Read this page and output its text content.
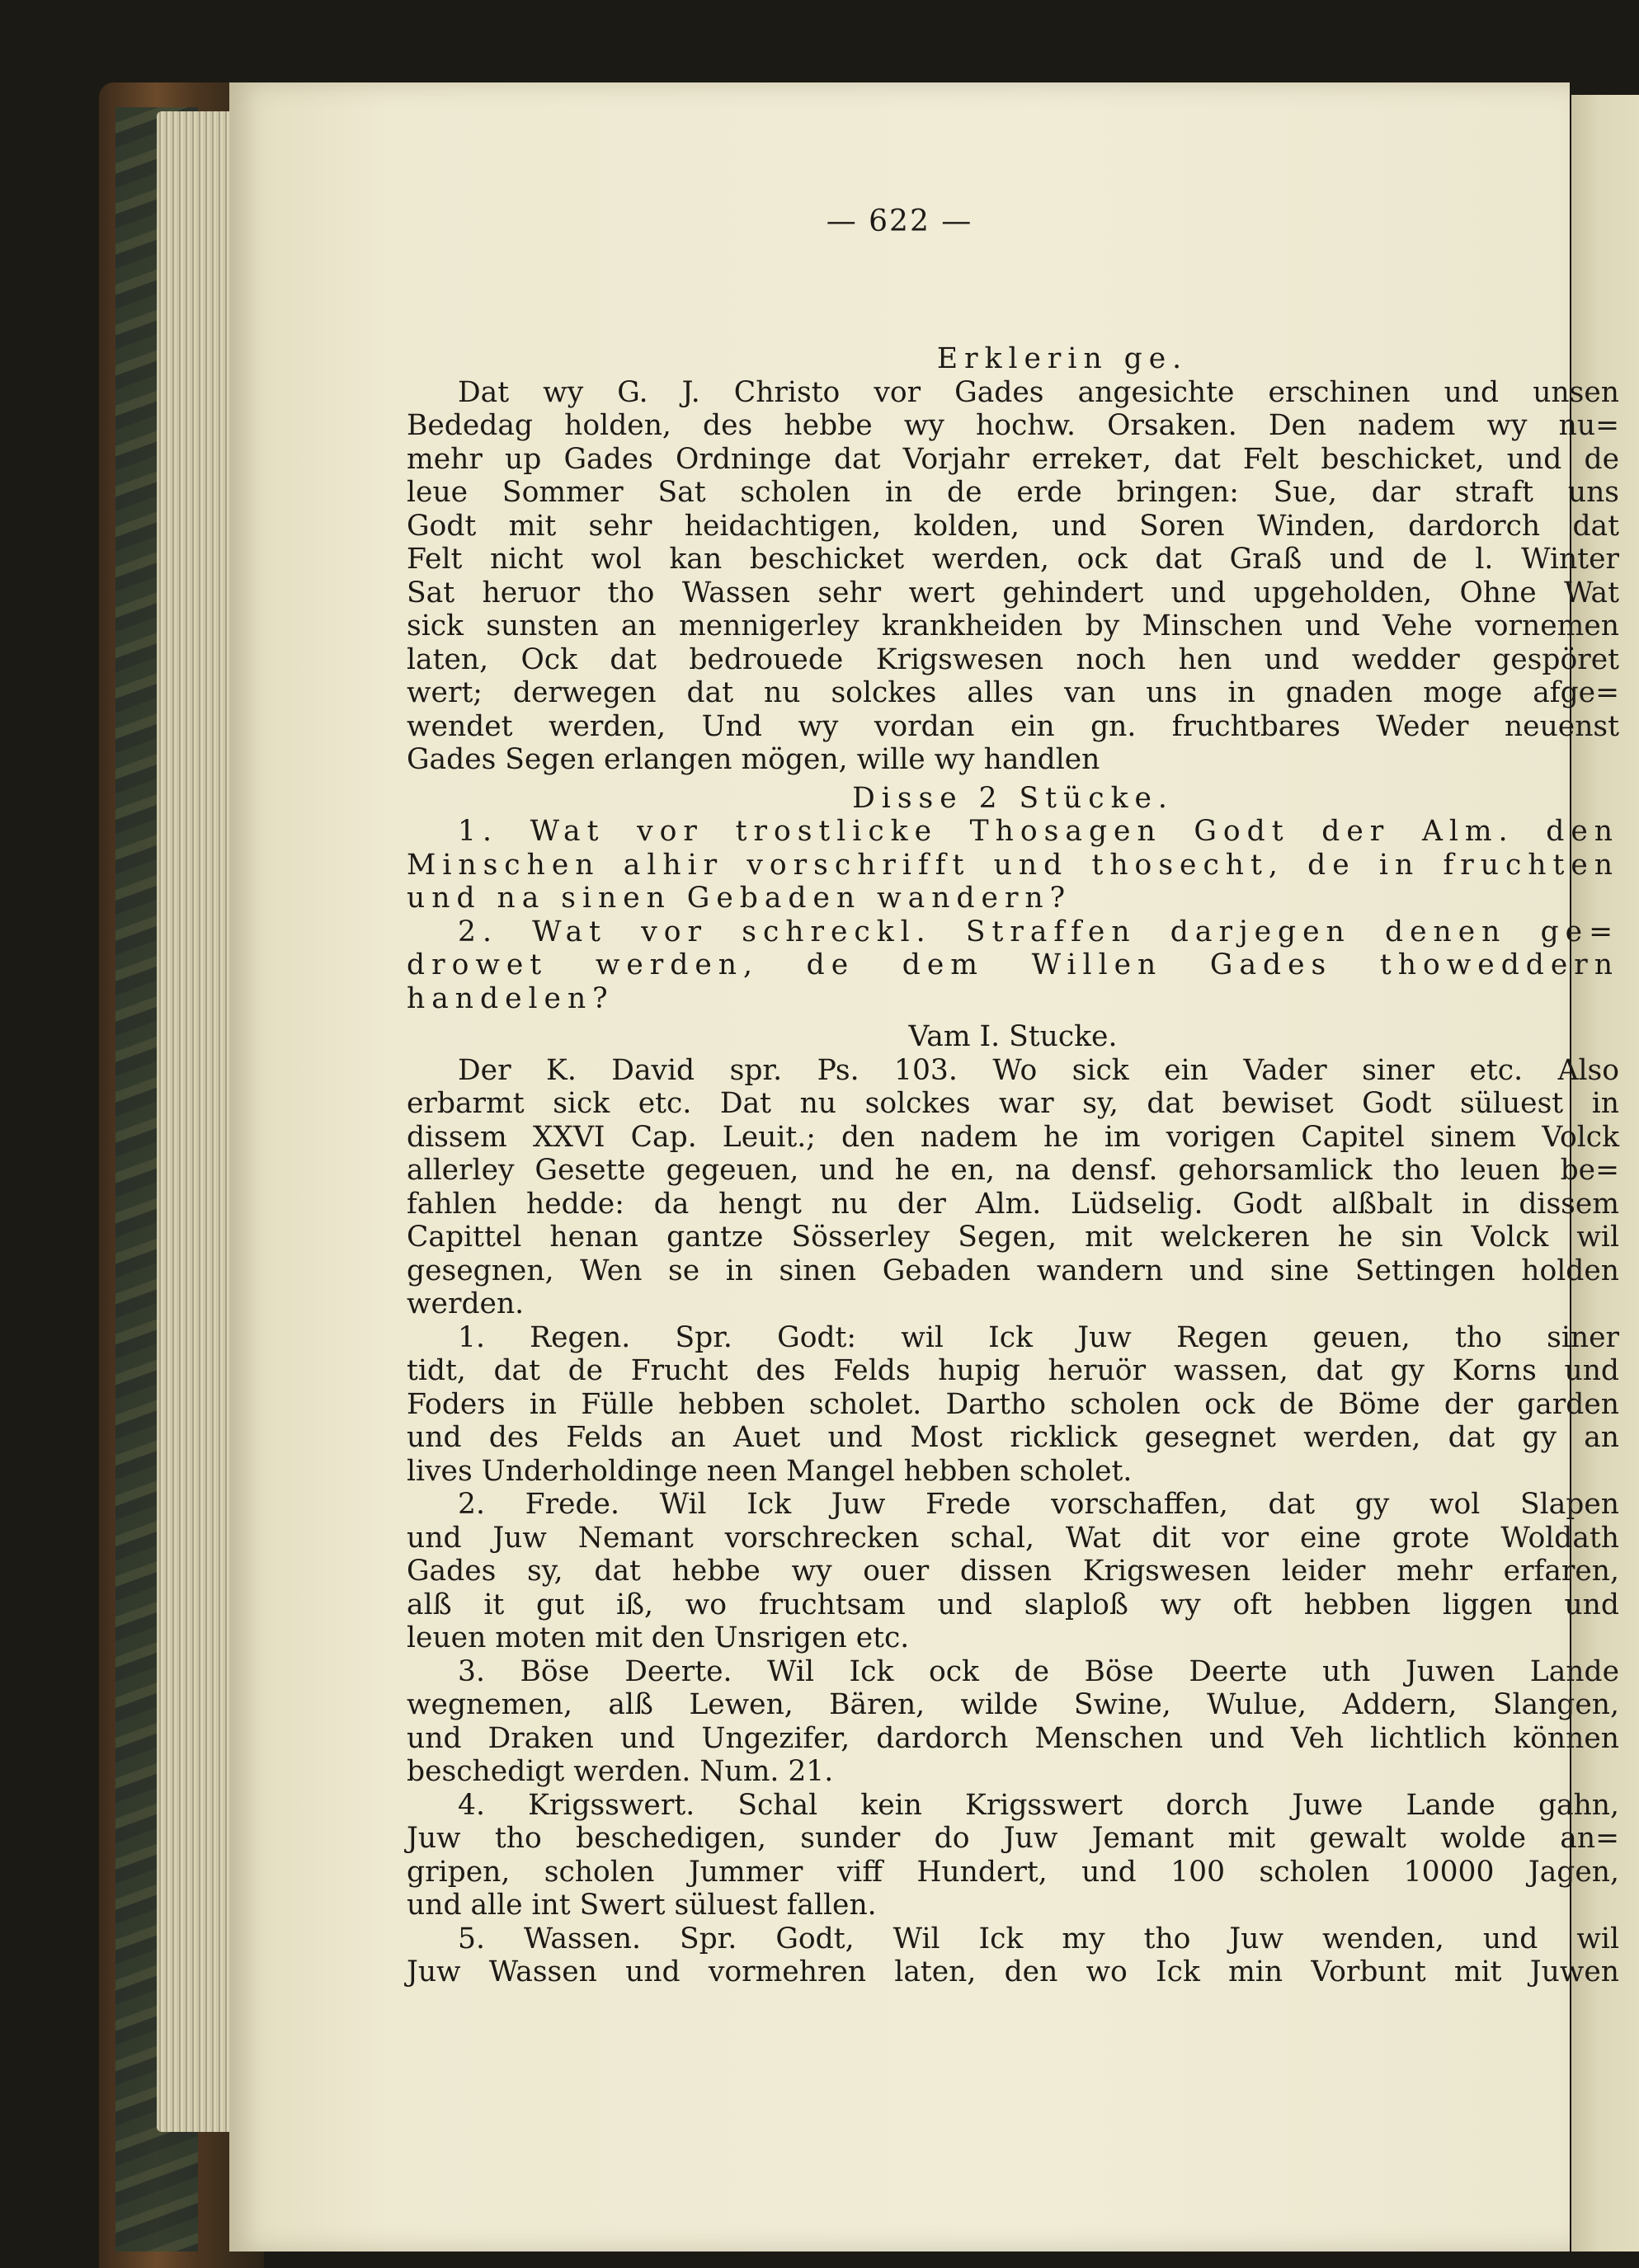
— 622 —
Erklerin ge.
Dat wy G. J. Christo vor Gades angesichte erschinen und unsen
Bededag holden, des hebbe wy hochw. Orsaken. Den nadem wy nu=
mehr up Gades Ordninge dat Vorjahr errekeт, dat Felt beschicket, und de
leue Sommer Sat scholen in de erde bringen: Sue, dar straft uns
Godt mit sehr heidachtigen, kolden, und Soren Winden, dardorch dat
Felt nicht wol kan beschicket werden, ock dat Graß und de l. Winter
Sat heruor tho Wassen sehr wert gehindert und upgeholden, Ohne Wat
sick sunsten an mennigerley krankheiden by Minschen und Vehe vornemen
laten, Ock dat bedrouede Krigswesen noch hen und wedder gespöret
wert; derwegen dat nu solckes alles van uns in gnaden moge afge=
wendet werden, Und wy vordan ein gn. fruchtbares Weder neuenst
Gades Segen erlangen mögen, wille wy handlen
Disse 2 Stücke.
1. Wat vor trostlicke Thosagen Godt der Alm. den
Minschen alhir vorschrifft und thosecht, de in fruchten
und na sinen Gebaden wandern?
2. Wat vor schreckl. Straffen darjegen denen ge=
drowet werden, de dem Willen Gades thoweddern
handelen?
Vam I. Stucke.
Der K. David spr. Ps. 103. Wo sick ein Vader siner etc. Also
erbarmt sick etc. Dat nu solckes war sy, dat bewiset Godt süluest in
dissem XXVI Cap. Leuit.; den nadem he im vorigen Capitel sinem Volck
allerley Gesette gegeuen, und he en, na densf. gehorsamlick tho leuen be=
fahlen hedde: da hengt nu der Alm. Lüdselig. Godt alßbalt in dissem
Capittel henan gantze Sösserley Segen, mit welckeren he sin Volck wil
gesegnen, Wen se in sinen Gebaden wandern und sine Settingen holden
werden.
1. Regen. Spr. Godt: wil Ick Juw Regen geuen, tho siner
tidt, dat de Frucht des Felds hupig heruör wassen, dat gy Korns und
Foders in Fülle hebben scholet. Dartho scholen ock de Böme der garden
und des Felds an Auet und Most ricklick gesegnet werden, dat gy an
lives Underholdinge neen Mangel hebben scholet.
2. Frede. Wil Ick Juw Frede vorschaffen, dat gy wol Slapen
und Juw Nemant vorschrecken schal, Wat dit vor eine grote Woldath
Gades sy, dat hebbe wy ouer dissen Krigswesen leider mehr erfaren,
alß it gut iß, wo fruchtsam und slaploß wy oft hebben liggen und
leuen moten mit den Unsrigen etc.
3. Böse Deerte. Wil Ick ock de Böse Deerte uth Juwen Lande
wegnemen, alß Lewen, Bären, wilde Swine, Wulue, Addern, Slangen,
und Draken und Ungezifer, dardorch Menschen und Veh lichtlich können
beschedigt werden. Num. 21.
4. Krigsswert. Schal kein Krigsswert dorch Juwe Lande gahn,
Juw tho beschedigen, sunder do Juw Jemant mit gewalt wolde an=
gripen, scholen Jummer viff Hundert, und 100 scholen 10000 Jagen,
und alle int Swert süluest fallen.
5. Wassen. Spr. Godt, Wil Ick my tho Juw wenden, und wil
Juw Wassen und vormehren laten, den wo Ick min Vorbunt mit Juwen
